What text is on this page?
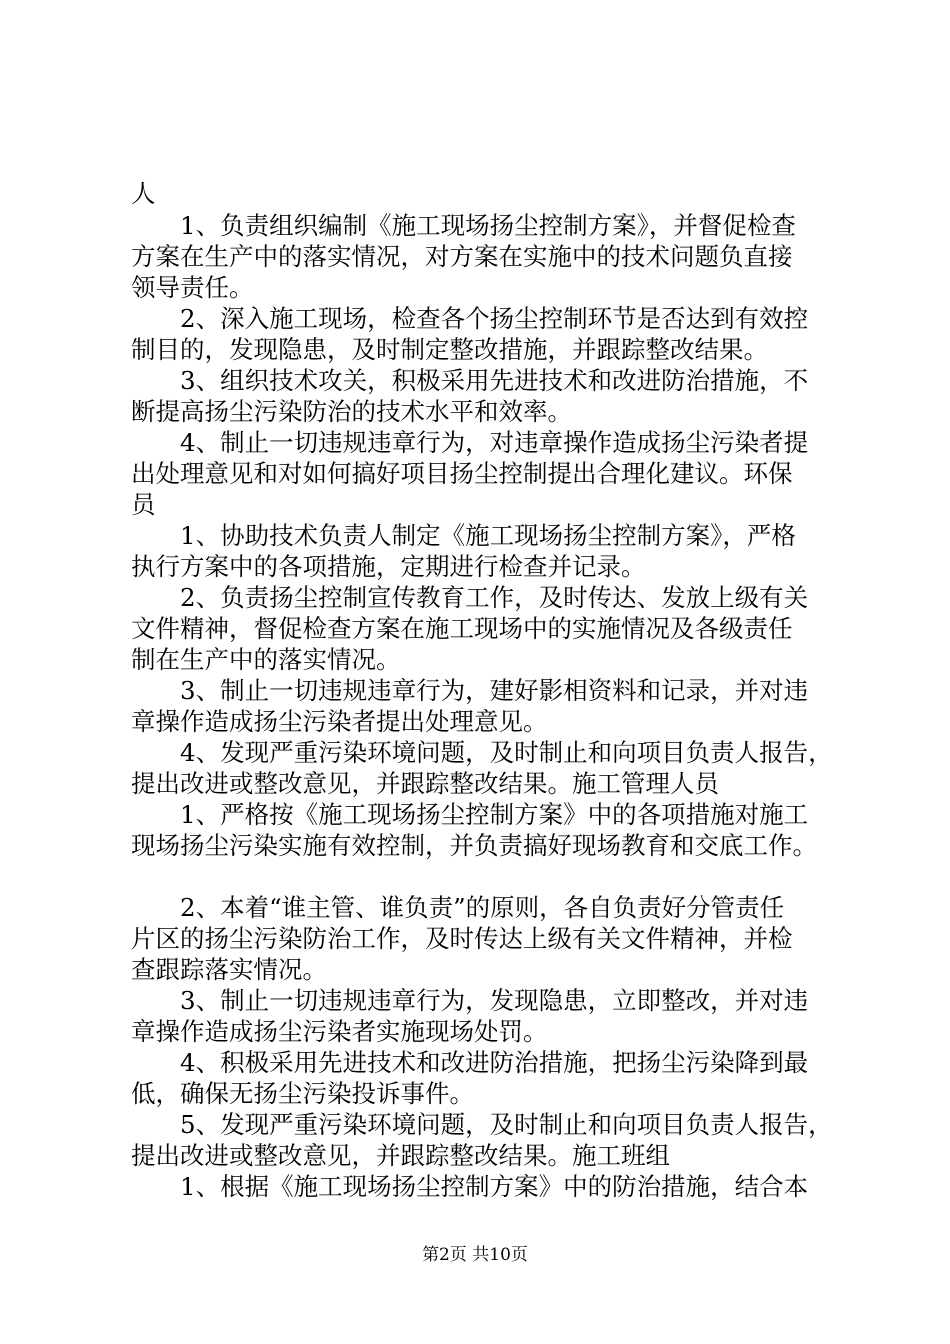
人

　　1、负责组织编制《施工现场扬尘控制方案》，并督促检查

方案在生产中的落实情况，对方案在实施中的技术问题负直接

领导责任。

　　2、深入施工现场，检查各个扬尘控制环节是否达到有效控

制目的，发现隐患，及时制定整改措施，并跟踪整改结果。

　　3、组织技术攻关，积极采用先进技术和改进防治措施，不

断提高扬尘污染防治的技术水平和效率。

　　4、制止一切违规违章行为，对违章操作造成扬尘污染者提

出处理意见和对如何搞好项目扬尘控制提出合理化建议。环保

员

　　1、协助技术负责人制定《施工现场扬尘控制方案》，严格

执行方案中的各项措施，定期进行检查并记录。

　　2、负责扬尘控制宣传教育工作，及时传达、发放上级有关

文件精神，督促检查方案在施工现场中的实施情况及各级责任

制在生产中的落实情况。

　　3、制止一切违规违章行为，建好影相资料和记录，并对违

章操作造成扬尘污染者提出处理意见。

　　4、发现严重污染环境问题，及时制止和向项目负责人报告，

提出改进或整改意见，并跟踪整改结果。施工管理人员

　　1、严格按《施工现场扬尘控制方案》中的各项措施对施工

现场扬尘污染实施有效控制，并负责搞好现场教育和交底工作。

　　2、本着“谁主管、谁负责”的原则，各自负责好分管责任

片区的扬尘污染防治工作，及时传达上级有关文件精神，并检

查跟踪落实情况。

　　3、制止一切违规违章行为，发现隐患，立即整改，并对违

章操作造成扬尘污染者实施现场处罚。

　　4、积极采用先进技术和改进防治措施，把扬尘污染降到最

低，确保无扬尘污染投诉事件。

　　5、发现严重污染环境问题，及时制止和向项目负责人报告，

提出改进或整改意见，并跟踪整改结果。施工班组

　　1、根据《施工现场扬尘控制方案》中的防治措施，结合本

第2页 共10页
